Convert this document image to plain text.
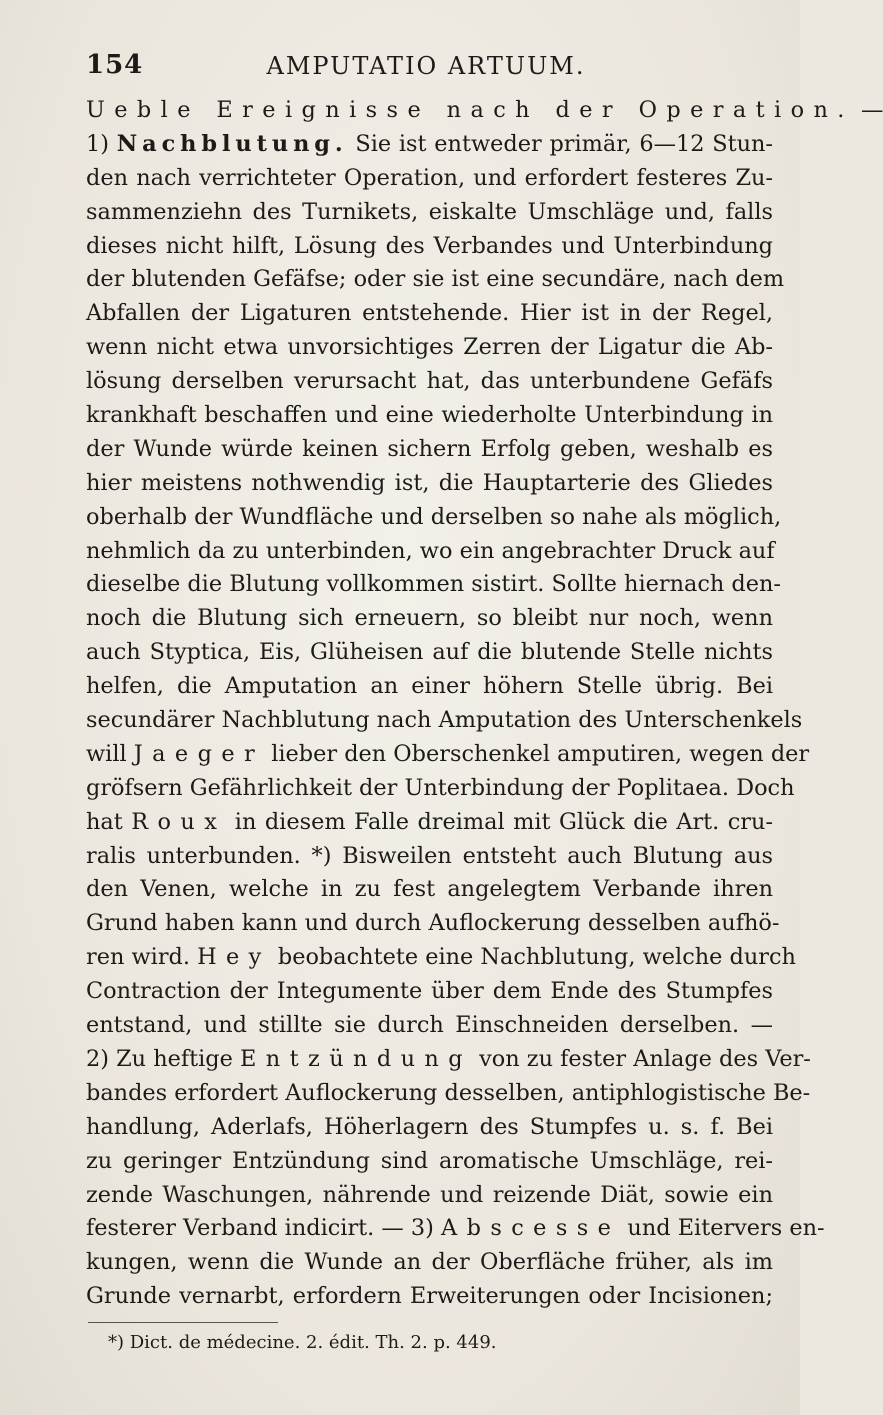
154	AMPUTATIO ARTUUM.
Ueble Ereignisse nach der Operation. —
1) Nachblutung. Sie ist entweder primär, 6—12 Stun-
den nach verrichteter Operation, und erfordert festeres Zu-
sammenziehn des Turnikets, eiskalte Umschläge und, falls
dieses nicht hilft, Lösung des Verbandes und Unterbindung
der blutenden Gefäfse; oder sie ist eine secundäre, nach dem
Abfallen der Ligaturen entstehende. Hier ist in der Regel,
wenn nicht etwa unvorsichtiges Zerren der Ligatur die Ab-
lösung derselben verursacht hat, das unterbundene Gefäfs
krankhaft beschaffen und eine wiederholte Unterbindung in
der Wunde würde keinen sichern Erfolg geben, weshalb es
hier meistens nothwendig ist, die Hauptarterie des Gliedes
oberhalb der Wundfläche und derselben so nahe als möglich,
nehmlich da zu unterbinden, wo ein angebrachter Druck auf
dieselbe die Blutung vollkommen sistirt. Sollte hiernach den-
noch die Blutung sich erneuern, so bleibt nur noch, wenn
auch Styptica, Eis, Glüheisen auf die blutende Stelle nichts
helfen, die Amputation an einer höhern Stelle übrig. Bei
secundärer Nachblutung nach Amputation des Unterschenkels
will Jaeger lieber den Oberschenkel amputiren, wegen der
gröfsern Gefährlichkeit der Unterbindung der Poplitaea. Doch
hat Roux in diesem Falle dreimal mit Glück die Art. cru-
ralis unterbunden. *) Bisweilen entsteht auch Blutung aus
den Venen, welche in zu fest angelegtem Verbande ihren
Grund haben kann und durch Auflockerung desselben aufhö-
ren wird. Hey beobachtete eine Nachblutung, welche durch
Contraction der Integumente über dem Ende des Stumpfes
entstand, und stillte sie durch Einschneiden derselben. —
2) Zu heftige Entzündung von zu fester Anlage des Ver-
bandes erfordert Auflockerung desselben, antiphlogistische Be-
handlung, Aderlafs, Höherlagern des Stumpfes u. s. f. Bei
zu geringer Entzündung sind aromatische Umschläge, rei-
zende Waschungen, nährende und reizende Diät, sowie ein
festerer Verband indicirt. — 3) Abscesse und Eitervers en-
kungen, wenn die Wunde an der Oberfläche früher, als im
Grunde vernarbt, erfordern Erweiterungen oder Incisionen;
*) Dict. de médecine. 2. édit. Th. 2. p. 449.
